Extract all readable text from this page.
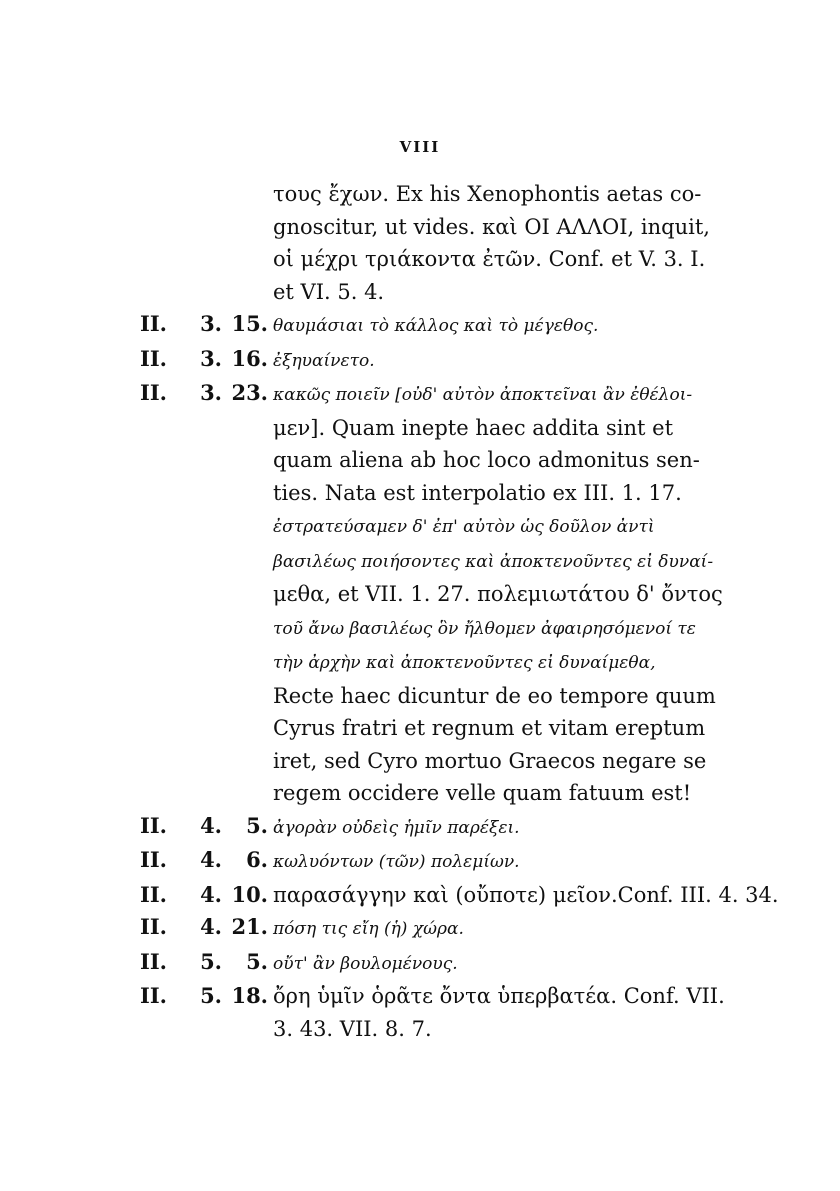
VIII
τους ἔχων. Ex his Xenophontis aetas co-
gnoscitur, ut vides. καὶ ΟΙ ΑΛΛΟΙ, inquit,
οἱ μέχρι τριάκοντα ἐτῶν. Conf. et V. 3. I.
et VI. 5. 4.
II. 3. 15. θαυμάσιαι τὸ κάλλος καὶ τὸ μέγεθος.
II. 3. 16. ἐξηυαίνετο.
II. 3. 23. κακῶς ποιεῖν [οὐδ' αὐτὸν ἀποκτεῖναι ἂν ἐθέλοι-
μεν]. Quam inepte haec addita sint et
quam aliena ab hoc loco admonitus sen-
ties. Nata est interpolatio ex III. 1. 17.
ἐστρατεύσαμεν δ' ἐπ' αὐτὸν ὡς δοῦλον ἀντὶ
βασιλέως ποιήσοντες καὶ ἀποκτενοῦντες εἰ δυναί-
μεθα, et VII. 1. 27. πολεμιωτάτου δ' ὄντος
τοῦ ἄνω βασιλέως ὃν ἤλθομεν ἀφαιρησόμενοί τε
τὴν ἀρχὴν καὶ ἀποκτενοῦντες εἰ δυναίμεθα,
Recte haec dicuntur de eo tempore quum
Cyrus fratri et regnum et vitam ereptum
iret, sed Cyro mortuo Graecos negare se
regem occidere velle quam fatuum est!
II. 4. 5. ἀγορὰν οὐδεὶς ἡμῖν παρέξει.
II. 4. 6. κωλυόντων (τῶν) πολεμίων.
II. 4. 10. παρασάγγην καὶ (οὔποτε) μεῖον.Conf. III. 4. 34.
II. 4. 21. πόση τις εἴη (ἡ) χώρα.
II. 5. 5. οὔτ' ἂν βουλομένους.
II. 5. 18. ὄρη ὑμῖν ὁρᾶτε ὄντα ὑπερβατέα. Conf. VII.
3. 43. VII. 8. 7.
